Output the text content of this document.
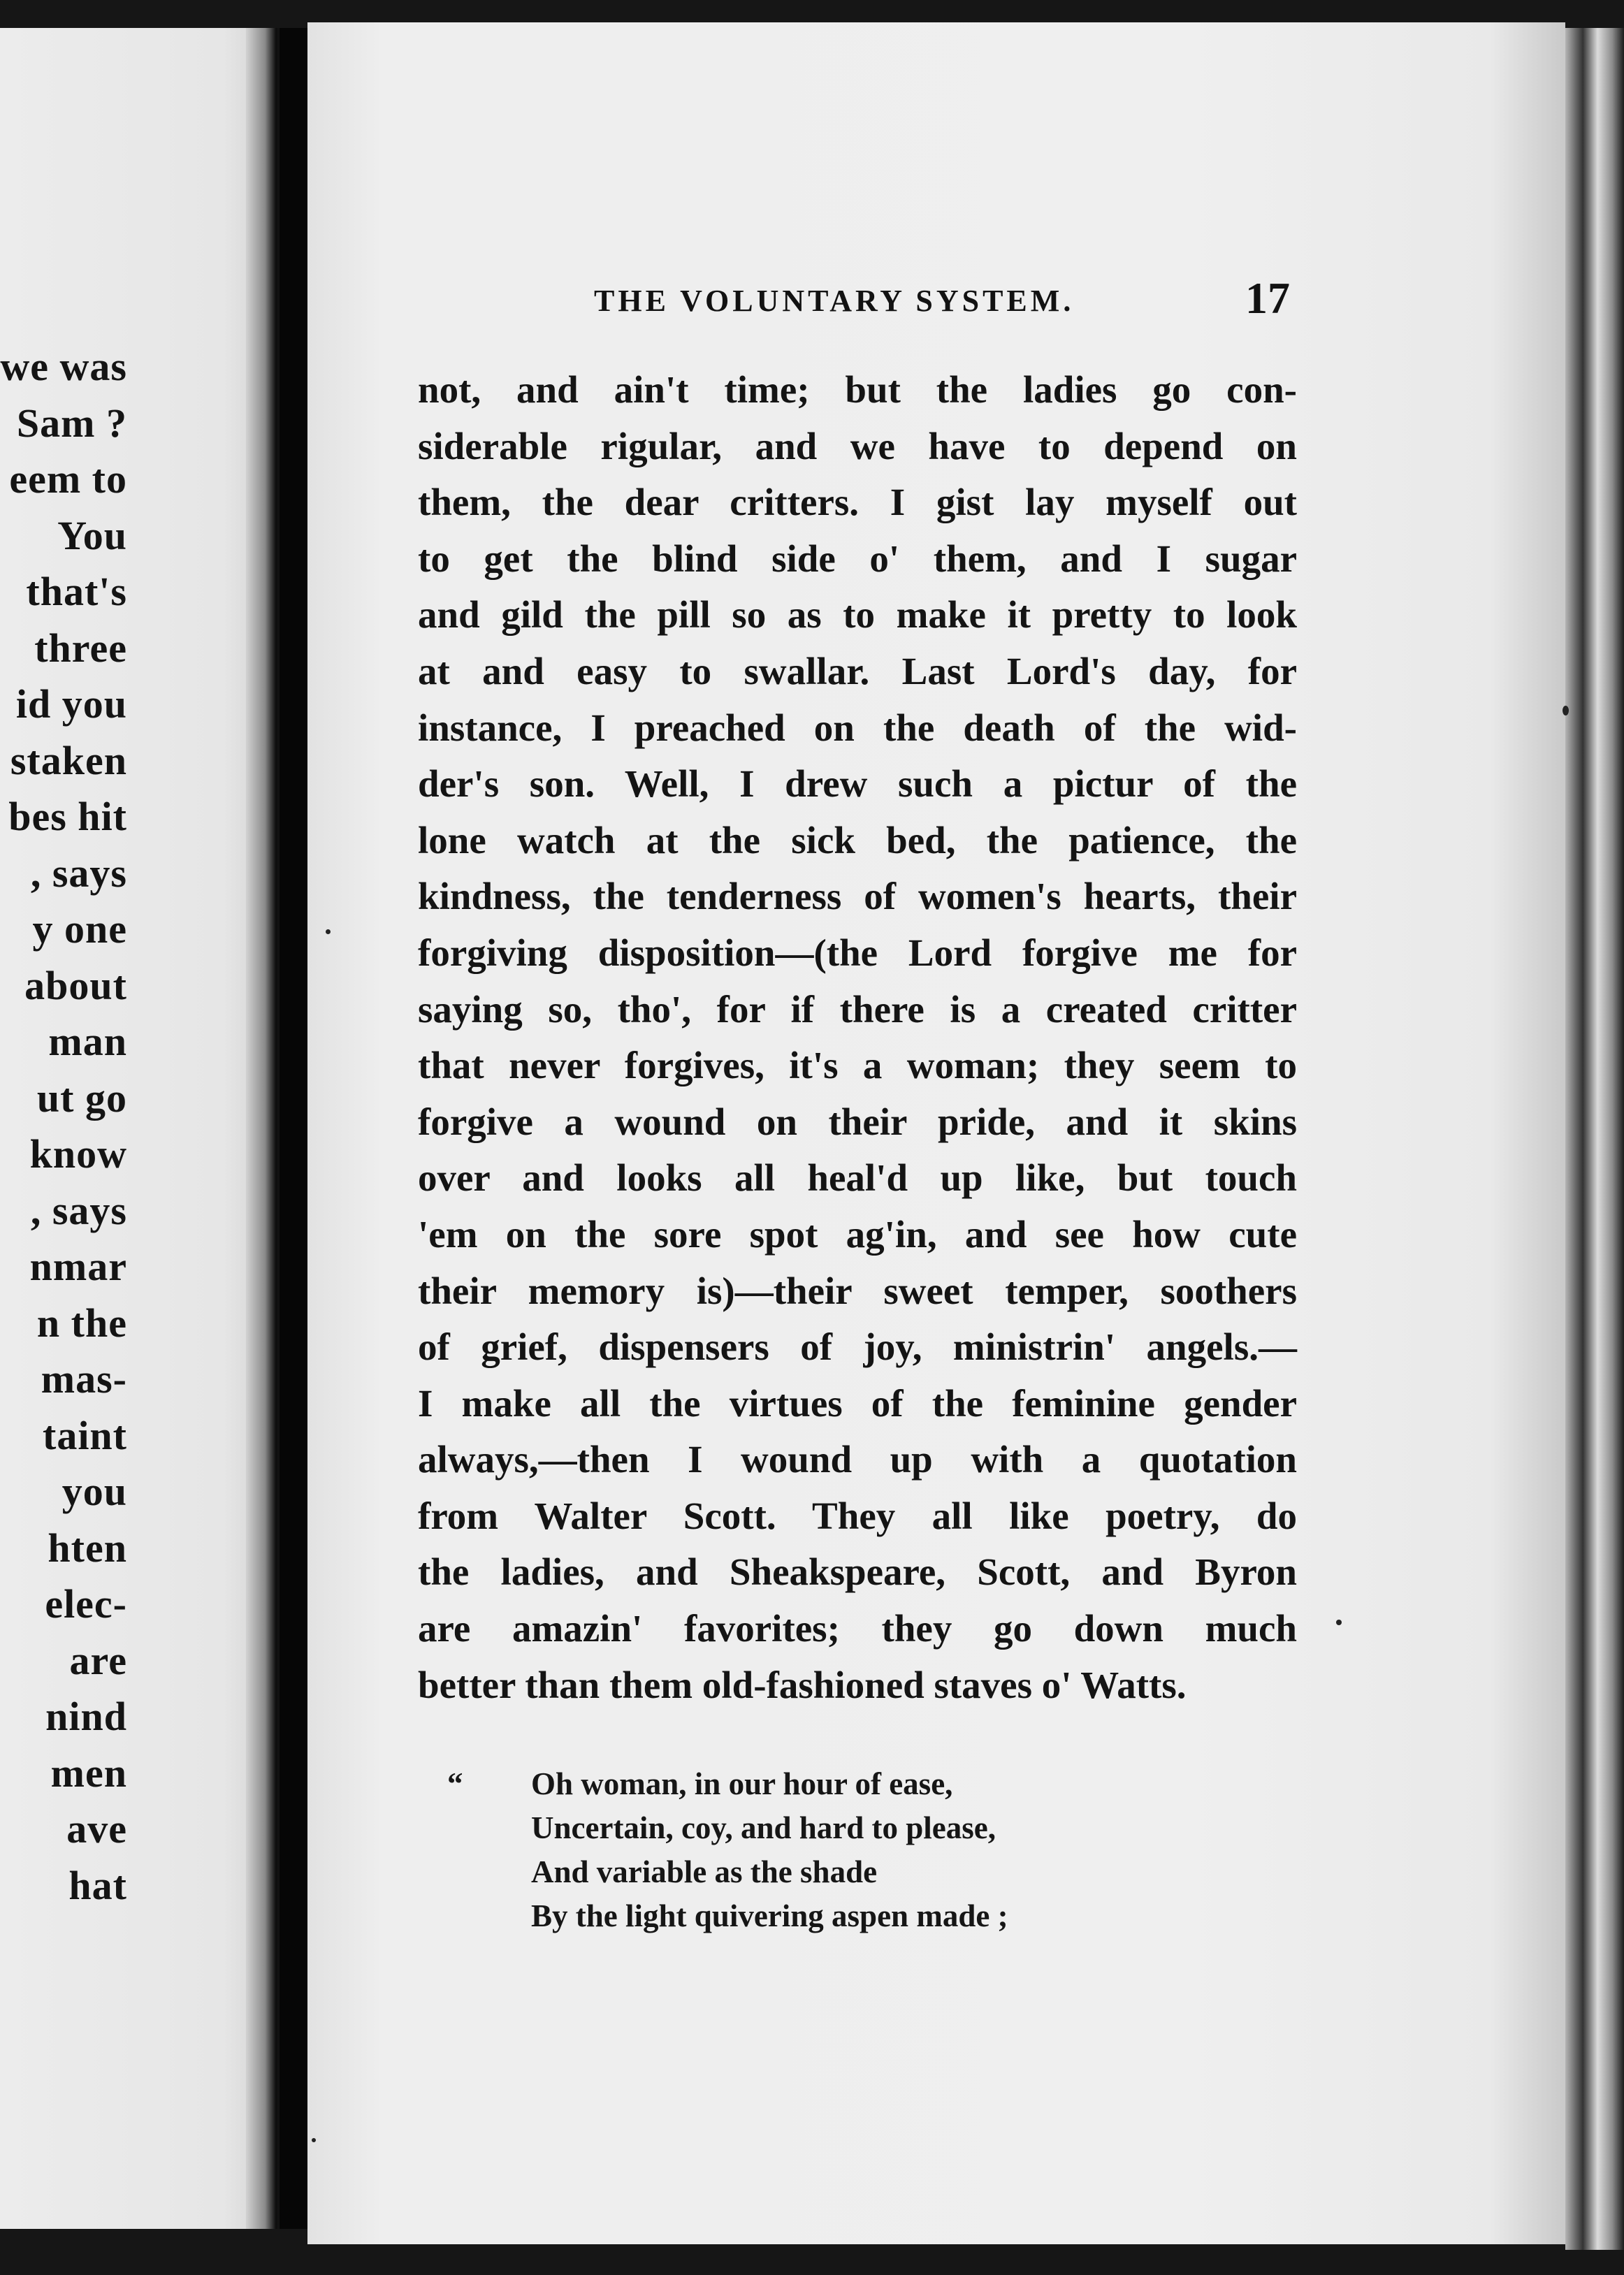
we was
Sam ?
eem to
You
that's
three
id you
staken
bes hit
, says
y one
about
man
ut go
know
, says
nmar
n the
mas-
taint
you
hten
elec-
are
nind
men
ave
hat
THE VOLUNTARY SYSTEM.	17
not, and ain't time; but the ladies go con-
siderable rigular, and we have to depend on
them, the dear critters. I gist lay myself out
to get the blind side o' them, and I sugar
and gild the pill so as to make it pretty to look
at and easy to swallar. Last Lord's day, for
instance, I preached on the death of the wid-
der's son. Well, I drew such a pictur of the
lone watch at the sick bed, the patience, the
kindness, the tenderness of women's hearts, their
forgiving disposition—(the Lord forgive me for
saying so, tho', for if there is a created critter
that never forgives, it's a woman; they seem to
forgive a wound on their pride, and it skins
over and looks all heal'd up like, but touch
'em on the sore spot ag'in, and see how cute
their memory is)—their sweet temper, soothers
of grief, dispensers of joy, ministrin' angels.—
I make all the virtues of the feminine gender
always,—then I wound up with a quotation
from Walter Scott. They all like poetry, do
the ladies, and Sheakspeare, Scott, and Byron
are amazin' favorites; they go down much
better than them old-fashioned staves o' Watts.
“	Oh woman, in our hour of ease,
Uncertain, coy, and hard to please,
And variable as the shade
By the light quivering aspen made ;
